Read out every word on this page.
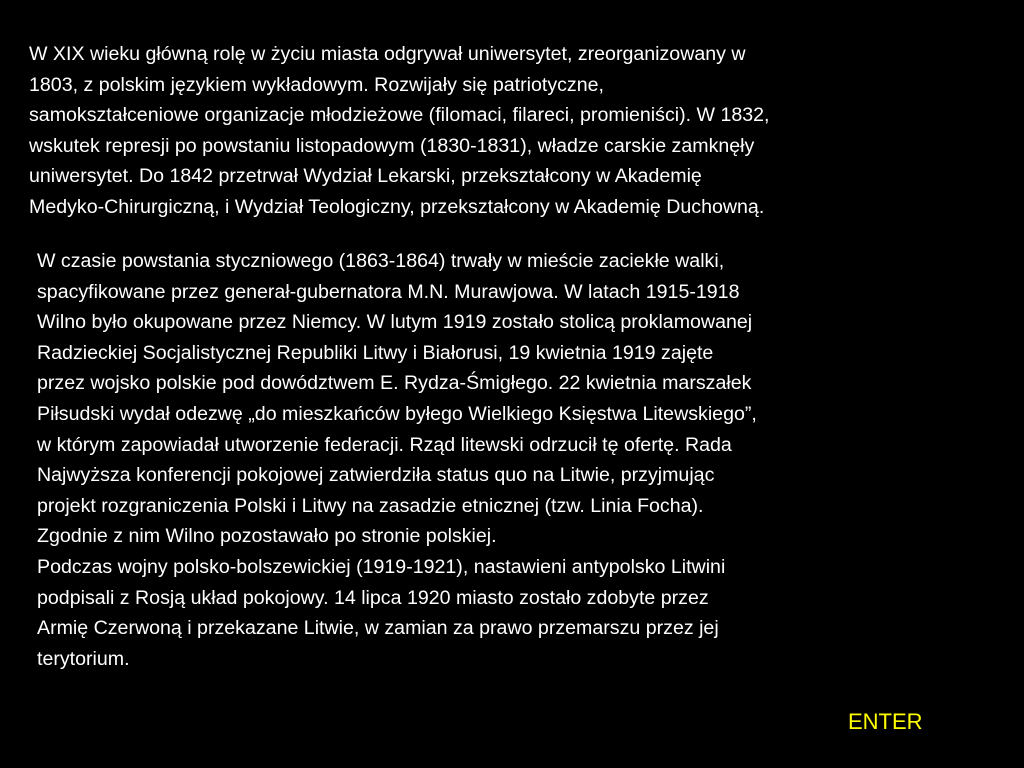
W XIX wieku główną rolę w życiu miasta odgrywał uniwersytet, zreorganizowany w
1803, z polskim językiem wykładowym. Rozwijały się patriotyczne,
samokształceniowe organizacje młodzieżowe (filomaci, filareci, promieniści). W 1832,
wskutek represji po powstaniu listopadowym (1830-1831), władze carskie zamknęły
uniwersytet. Do 1842 przetrwał Wydział Lekarski, przekształcony w Akademię
Medyko-Chirurgiczną, i Wydział Teologiczny, przekształcony w Akademię Duchowną.

W czasie powstania styczniowego (1863-1864) trwały w mieście zaciekłe walki,
spacyfikowane przez generał-gubernatora M.N. Murawjowa. W latach 1915-1918
Wilno było okupowane przez Niemcy. W lutym 1919 zostało stolicą proklamowanej
Radzieckiej Socjalistycznej Republiki Litwy i Białorusi, 19 kwietnia 1919 zajęte
przez wojsko polskie pod dowództwem E. Rydza-Śmigłego. 22 kwietnia marszałek
Piłsudski wydał odezwę „do mieszkańców byłego Wielkiego Księstwa Litewskiego”,
w którym zapowiadał utworzenie federacji. Rząd litewski odrzucił tę ofertę. Rada
Najwyższa konferencji pokojowej zatwierdziła status quo na Litwie, przyjmując
projekt rozgraniczenia Polski i Litwy na zasadzie etnicznej (tzw. Linia Focha).
Zgodnie z nim Wilno pozostawało po stronie polskiej.
Podczas wojny polsko-bolszewickiej (1919-1921), nastawieni antypolsko Litwini
podpisali z Rosją układ pokojowy. 14 lipca 1920 miasto zostało zdobyte przez
Armię Czerwoną i przekazane Litwie, w zamian za prawo przemarszu przez jej
terytorium.

ENTER
